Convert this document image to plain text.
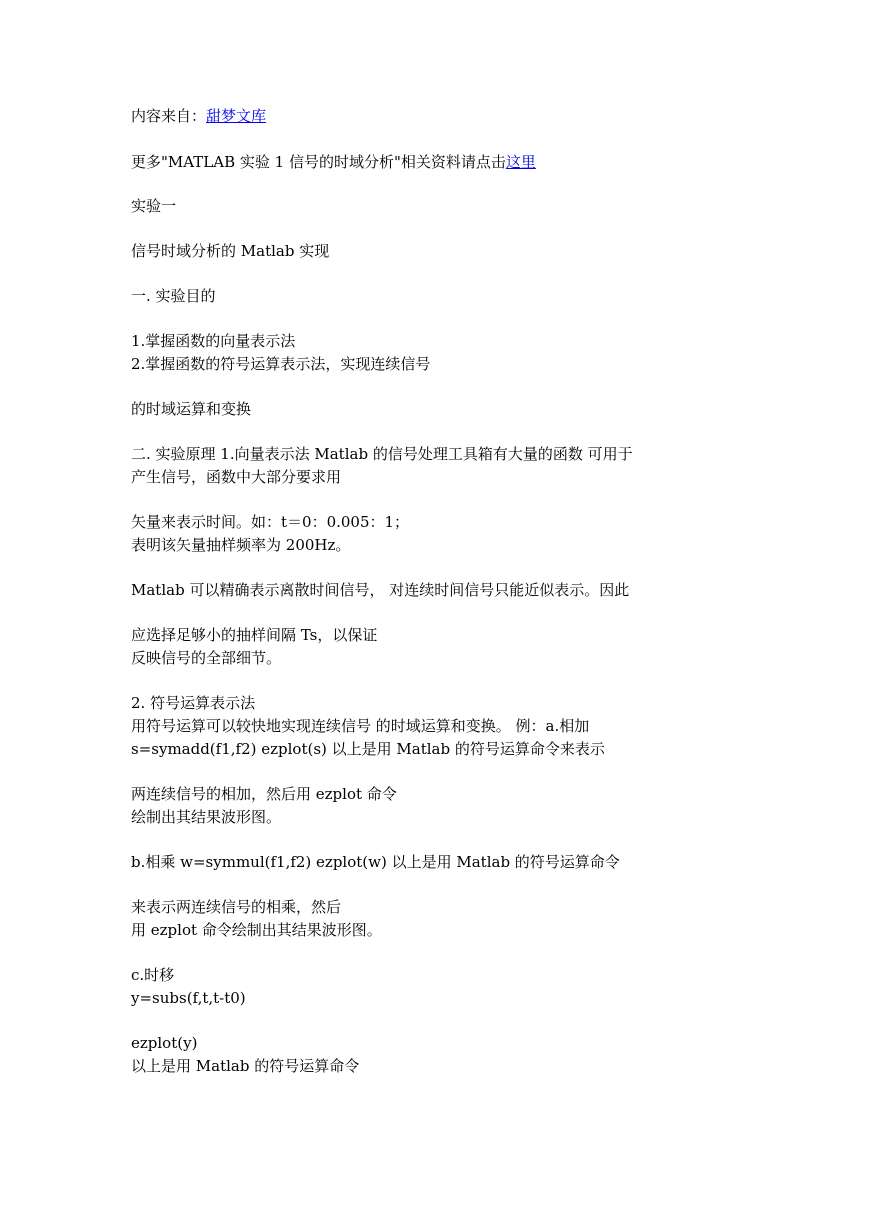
内容来自：甜梦文库
更多"MATLAB 实验 1 信号的时域分析"相关资料请点击这里
实验一
信号时域分析的 Matlab 实现
一. 实验目的
1.掌握函数的向量表示法
2.掌握函数的符号运算表示法，实现连续信号
的时域运算和变换
二. 实验原理 1.向量表示法 Matlab 的信号处理工具箱有大量的函数 可用于
产生信号，函数中大部分要求用
矢量来表示时间。如：t＝0：0.005：1；
表明该矢量抽样频率为 200Hz。
Matlab 可以精确表示离散时间信号， 对连续时间信号只能近似表示。因此
应选择足够小的抽样间隔 Ts，以保证
反映信号的全部细节。
2. 符号运算表示法
用符号运算可以较快地实现连续信号 的时域运算和变换。 例：a.相加
s=symadd(f1,f2) ezplot(s) 以上是用 Matlab 的符号运算命令来表示
两连续信号的相加，然后用 ezplot 命令
绘制出其结果波形图。
b.相乘 w=symmul(f1,f2) ezplot(w) 以上是用 Matlab 的符号运算命令
来表示两连续信号的相乘，然后
用 ezplot 命令绘制出其结果波形图。
c.时移
y=subs(f,t,t-t0)
ezplot(y)
以上是用 Matlab 的符号运算命令
